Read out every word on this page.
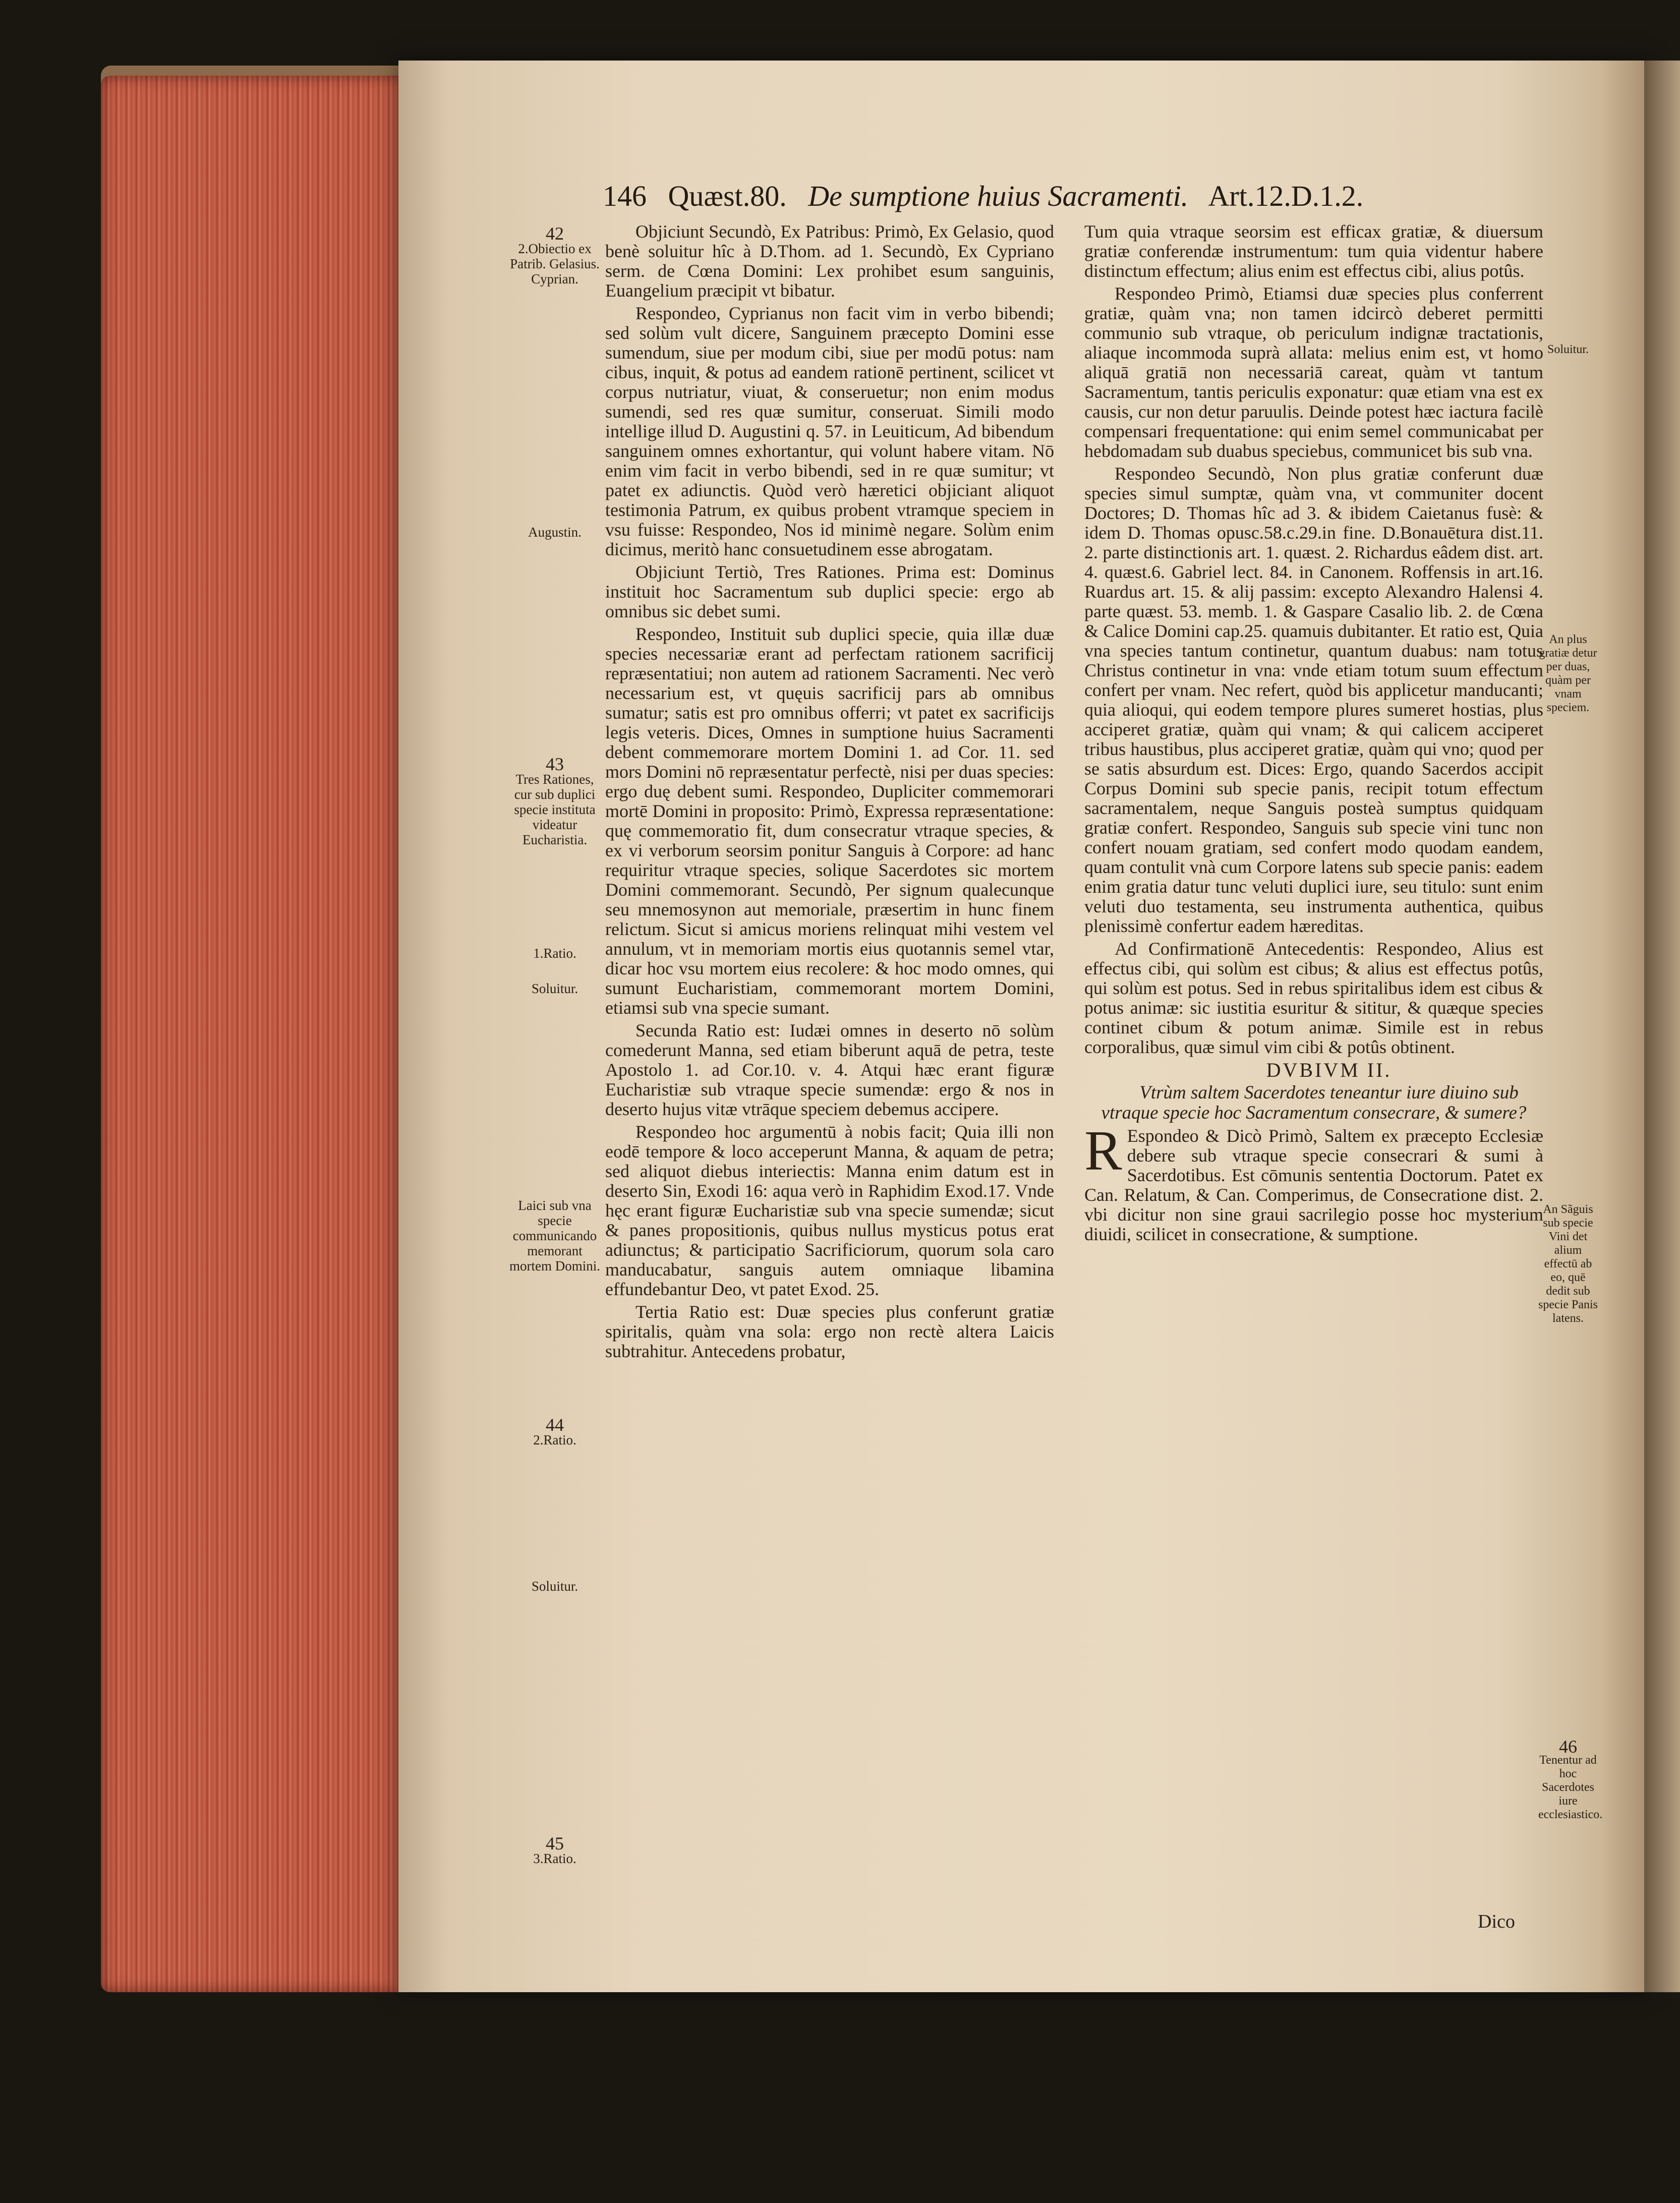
146 Quæst.80. De sumptione huius Sacramenti. Art.12.D.1.2.
42
2.Obiectio ex Patrib. Gelasius. Cyprian.
Augustin.
43
Tres Rationes, cur sub duplici specie instituta videatur Eucharistia.
1.Ratio.
Soluitur.
Laici sub vna specie communicando memorant mortem Domini.
44
2.Ratio.
Soluitur.
45
3.Ratio.

Objiciunt Secundò, Ex Patribus: Primò, Ex Gelasio, quod benè soluitur hîc à D.Thom. ad 1. Secundò, Ex Cypriano serm. de Cœna Domini: Lex prohibet esum sanguinis, Euangelium præcipit vt bibatur.

Respondeo, Cyprianus non facit vim in verbo bibendi; sed solùm vult dicere, Sanguinem præcepto Domini esse sumendum, siue per modum cibi, siue per modū potus: nam cibus, inquit, & potus ad eandem rationē pertinent, scilicet vt corpus nutriatur, viuat, & conseruetur; non enim modus sumendi, sed res quæ sumitur, conseruat. Simili modo intellige illud D. Augustini q. 57. in Leuiticum, Ad bibendum sanguinem omnes exhortantur, qui volunt habere vitam. Nō enim vim facit in verbo bibendi, sed in re quæ sumitur; vt patet ex adiunctis. Quòd verò hæretici objiciant aliquot testimonia Patrum, ex quibus probent vtramque speciem in vsu fuisse: Respondeo, Nos id minimè negare. Solùm enim dicimus, meritò hanc consuetudinem esse abrogatam.

Objiciunt Tertiò, Tres Rationes. Prima est: Dominus instituit hoc Sacramentum sub duplici specie: ergo ab omnibus sic debet sumi.

Respondeo, Instituit sub duplici specie, quia illæ duæ species necessariæ erant ad perfectam rationem sacrificij repræsentatiui; non autem ad rationem Sacramenti. Nec verò necessarium est, vt quęuis sacrificij pars ab omnibus sumatur; satis est pro omnibus offerri; vt patet ex sacrificijs legis veteris. Dices, Omnes in sumptione huius Sacramenti debent commemorare mortem Domini 1. ad Cor. 11. sed mors Domini nō repræsentatur perfectè, nisi per duas species: ergo duę debent sumi. Respondeo, Dupliciter commemorari mortē Domini in proposito: Primò, Expressa repræsentatione: quę commemoratio fit, dum consecratur vtraque species, & ex vi verborum seorsim ponitur Sanguis à Corpore: ad hanc requiritur vtraque species, solique Sacerdotes sic mortem Domini commemorant. Secundò, Per signum qualecunque seu mnemosynon aut memoriale, præsertim in hunc finem relictum. Sicut si amicus moriens relinquat mihi vestem vel annulum, vt in memoriam mortis eius quotannis semel vtar, dicar hoc vsu mortem eius recolere: & hoc modo omnes, qui sumunt Eucharistiam, commemorant mortem Domini, etiamsi sub vna specie sumant.

Secunda Ratio est: Iudæi omnes in deserto nō solùm comederunt Manna, sed etiam biberunt aquā de petra, teste Apostolo 1. ad Cor.10. v. 4. Atqui hæc erant figuræ Eucharistiæ sub vtraque specie sumendæ: ergo & nos in deserto hujus vitæ vtrāque speciem debemus accipere.

Respondeo hoc argumentū à nobis facit; Quia illi non eodē tempore & loco acceperunt Manna, & aquam de petra; sed aliquot diebus interiectis: Manna enim datum est in deserto Sin, Exodi 16: aqua verò in Raphidim Exod.17. Vnde hęc erant figuræ Eucharistiæ sub vna specie sumendæ; sicut & panes propositionis, quibus nullus mysticus potus erat adiunctus; & participatio Sacrificiorum, quorum sola caro manducabatur, sanguis autem omniaque libamina effundebantur Deo, vt patet Exod. 25.

Tertia Ratio est: Duæ species plus conferunt gratiæ spiritalis, quàm vna sola: ergo non rectè altera Laicis subtrahitur. Antecedens probatur,

Tum quia vtraque seorsim est efficax gratiæ, & diuersum gratiæ conferendæ instrumentum: tum quia videntur habere distinctum effectum; alius enim est effectus cibi, alius potûs.

Respondeo Primò, Etiamsi duæ species plus conferrent gratiæ, quàm vna; non tamen idcircò deberet permitti communio sub vtraque, ob periculum indignæ tractationis, aliaque incommoda suprà allata: melius enim est, vt homo aliquā gratiā non necessariā careat, quàm vt tantum Sacramentum, tantis periculis exponatur: quæ etiam vna est ex causis, cur non detur paruulis. Deinde potest hæc iactura facilè compensari frequentatione: qui enim semel communicabat per hebdomadam sub duabus speciebus, communicet bis sub vna.

Respondeo Secundò, Non plus gratiæ conferunt duæ species simul sumptæ, quàm vna, vt communiter docent Doctores; D. Thomas hîc ad 3. & ibidem Caietanus fusè: & idem D. Thomas opusc.58.c.29.in fine. D.Bonauētura dist.11. 2. parte distinctionis art. 1. quæst. 2. Richardus eâdem dist. art. 4. quæst.6. Gabriel lect. 84. in Canonem. Roffensis in art.16. Ruardus art. 15. & alij passim: excepto Alexandro Halensi 4. parte quæst. 53. memb. 1. & Gaspare Casalio lib. 2. de Cœna & Calice Domini cap.25. quamuis dubitanter. Et ratio est, Quia vna species tantum continetur, quantum duabus: nam totus Christus continetur in vna: vnde etiam totum suum effectum confert per vnam. Nec refert, quòd bis applicetur manducanti; quia alioqui, qui eodem tempore plures sumeret hostias, plus acciperet gratiæ, quàm qui vnam; & qui calicem acciperet tribus haustibus, plus acciperet gratiæ, quàm qui vno; quod per se satis absurdum est. Dices: Ergo, quando Sacerdos accipit Corpus Domini sub specie panis, recipit totum effectum sacramentalem, neque Sanguis posteà sumptus quidquam gratiæ confert. Respondeo, Sanguis sub specie vini tunc non confert nouam gratiam, sed confert modo quodam eandem, quam contulit vnà cum Corpore latens sub specie panis: eadem enim gratia datur tunc veluti duplici iure, seu titulo: sunt enim veluti duo testamenta, seu instrumenta authentica, quibus plenissimè confertur eadem hæreditas.

Ad Confirmationē Antecedentis: Respondeo, Alius est effectus cibi, qui solùm est cibus; & alius est effectus potûs, qui solùm est potus. Sed in rebus spiritalibus idem est cibus & potus animæ: sic iustitia esuritur & sititur, & quæque species continet cibum & potum animæ. Simile est in rebus corporalibus, quæ simul vim cibi & potûs obtinent.

DVBIVM II.

Vtrùm saltem Sacerdotes teneantur iure diuino sub vtraque specie hoc Sacramentum consecrare, & sumere?

R Espondeo & Dicò Primò, Saltem ex præcepto Ecclesiæ debere sub vtraque specie consecrari & sumi à Sacerdotibus. Est cōmunis sententia Doctorum. Patet ex Can. Relatum, & Can. Comperimus, de Consecratione dist. 2. vbi dicitur non sine graui sacrilegio posse hoc mysterium diuidi, scilicet in consecratione, & sumptione.

Soluitur.
An plus gratiæ detur per duas, quàm per vnam speciem.
An Sãguis sub specie Vini det alium effectū ab eo, quē dedit sub specie Panis latens.
46
Tenentur ad hoc Sacerdotes iure ecclesiastico.
Dico
